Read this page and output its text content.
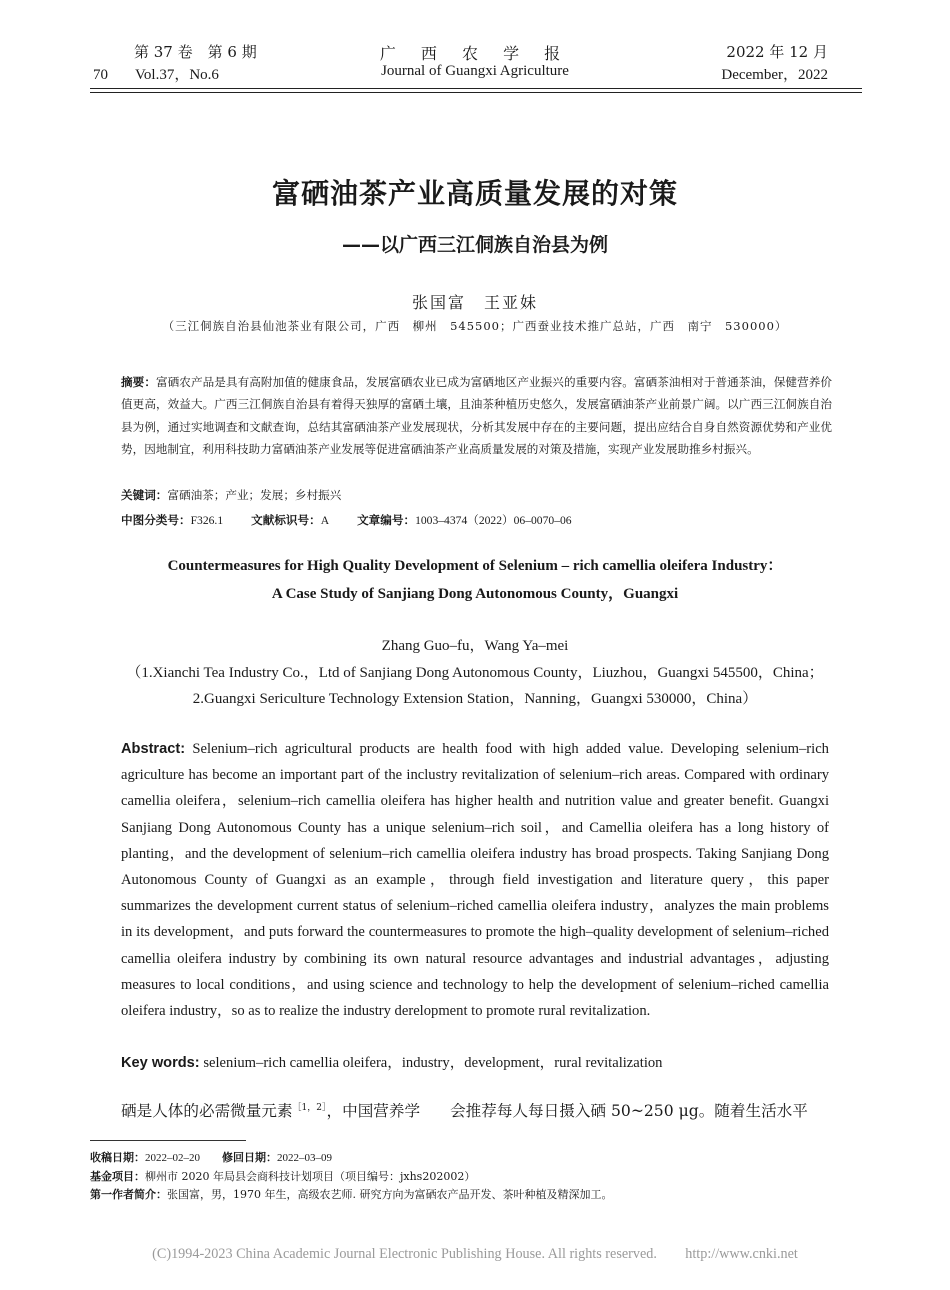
第 37 卷　第 6 期
70 Vol.37，No.6
广 西 农 学 报
Journal of Guangxi Agriculture
2022 年 12 月
December，2022
富硒油茶产业高质量发展的对策
——以广西三江侗族自治县为例
张国富　王亚妹
（三江侗族自治县仙池茶业有限公司，广西　柳州　545500；广西蚕业技术推广总站，广西　南宁　530000）
摘要：富硒农产品是具有高附加值的健康食品，发展富硒农业已成为富硒地区产业振兴的重要内容。富硒茶油相对于普通茶油，保健营养价值更高，效益大。广西三江侗族自治县有着得天独厚的富硒土壤，且油茶种植历史悠久，发展富硒油茶产业前景广阔。以广西三江侗族自治县为例，通过实地调查和文献查询，总结其富硒油茶产业发展现状，分析其发展中存在的主要问题，提出应结合自身自然资源优势和产业优势，因地制宜，利用科技助力富硒油茶产业发展等促进富硒油茶产业高质量发展的对策及措施，实现产业发展助推乡村振兴。
关键词：富硒油茶；产业；发展；乡村振兴
中图分类号：F326.1 文献标识号：A 文章编号：1003–4374（2022）06–0070–06
Countermeasures for High Quality Development of Selenium – rich camellia oleifera Industry：
A Case Study of Sanjiang Dong Autonomous County，Guangxi
Zhang Guo–fu，Wang Ya–mei
（1.Xianchi Tea Industry Co.，Ltd of Sanjiang Dong Autonomous County，Liuzhou，Guangxi 545500，China；
2.Guangxi Sericulture Technology Extension Station，Nanning，Guangxi 530000，China）
Abstract: Selenium–rich agricultural products are health food with high added value. Developing selenium–rich agriculture has become an important part of the inclustry revitalization of selenium–rich areas. Compared with ordinary camellia oleifera，selenium–rich camellia oleifera has higher health and nutrition value and greater benefit. Guangxi Sanjiang Dong Autonomous County has a unique selenium–rich soil，and Camellia oleifera has a long history of planting，and the development of selenium–rich camellia oleifera industry has broad prospects. Taking Sanjiang Dong Autonomous County of Guangxi as an example，through field investigation and literature query，this paper summarizes the development current status of selenium–riched camellia oleifera industry，analyzes the main problems in its development，and puts forward the countermeasures to promote the high–quality development of selenium–riched camellia oleifera industry by combining its own natural resource advantages and industrial advantages，adjusting measures to local conditions，and using science and technology to help the development of selenium–riched camellia oleifera industry，so as to realize the industry derelopment to promote rural revitalization.
Key words: selenium–rich camellia oleifera，industry，development，rural revitalization
硒是人体的必需微量元素$^{[1,2]}$，中国营养学 会推荐每人每日摄入硒 50~250 μg。随着生活水平
收稿日期：2022–02–20 修回日期：2022–03–09
基金项目：柳州市 2020 年局县会商科技计划项目（项目编号：jxhs202002）
第一作者简介：张国富，男，1970 年生，高级农艺师. 研究方向为富硒农产品开发、茶叶种植及精深加工。
(C)1994-2023 China Academic Journal Electronic Publishing House. All rights reserved.　　http://www.cnki.net
